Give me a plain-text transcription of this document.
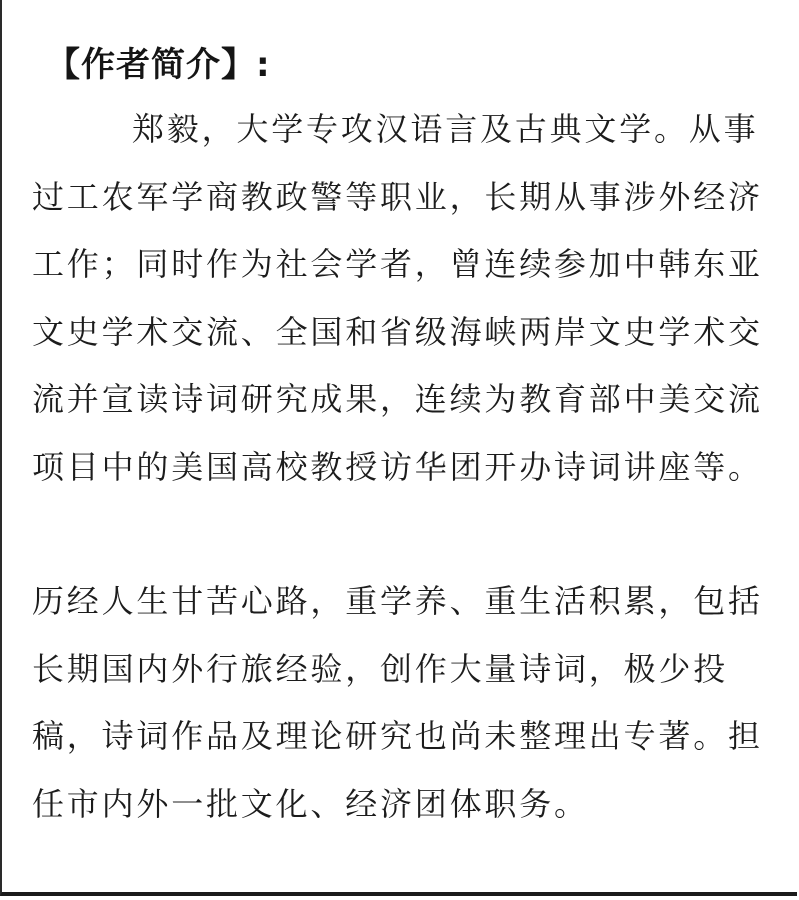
【作者简介】:

郑毅，大学专攻汉语言及古典文学。从事过工农军学商教政警等职业，长期从事涉外经济工作；同时作为社会学者，曾连续参加中韩东亚文史学术交流、全国和省级海峡两岸文史学术交流并宣读诗词研究成果，连续为教育部中美交流项目中的美国高校教授访华团开办诗词讲座等。

历经人生甘苦心路，重学养、重生活积累，包括长期国内外行旅经验，创作大量诗词，极少投稿，诗词作品及理论研究也尚未整理出专著。担任市内外一批文化、经济团体职务。
